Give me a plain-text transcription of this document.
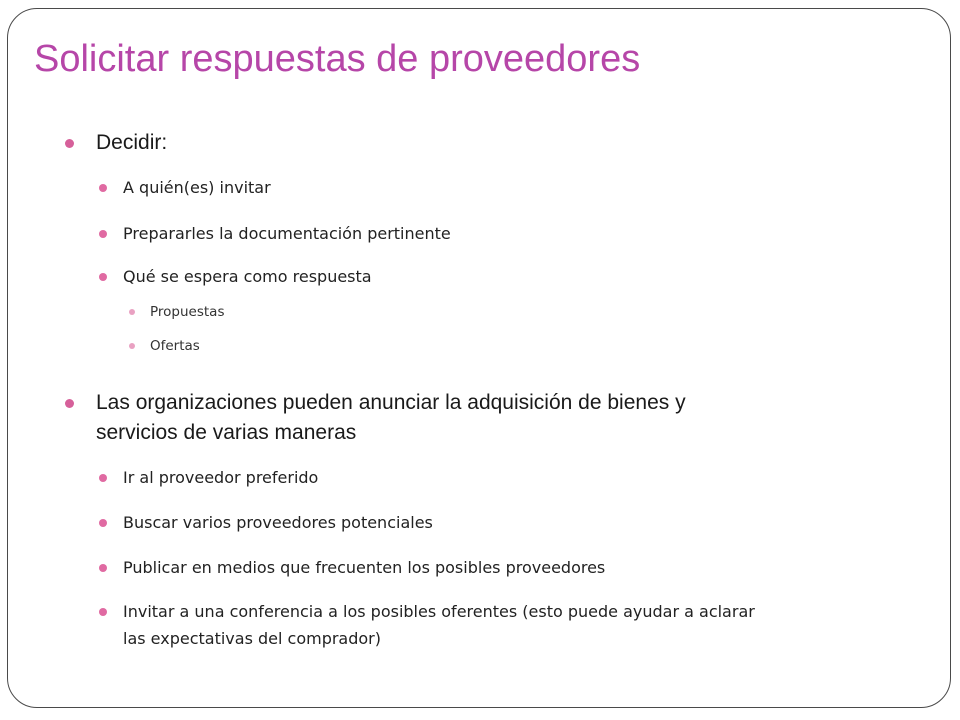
Solicitar respuestas de proveedores
Decidir:
A quién(es) invitar
Prepararles la documentación pertinente
Qué se espera como respuesta
Propuestas
Ofertas
Las organizaciones pueden anunciar la adquisición de bienes y
servicios de varias maneras
Ir al proveedor preferido
Buscar varios proveedores potenciales
Publicar en medios que frecuenten los posibles proveedores
Invitar a una conferencia a los posibles oferentes (esto puede ayudar a aclarar
las expectativas del comprador)
